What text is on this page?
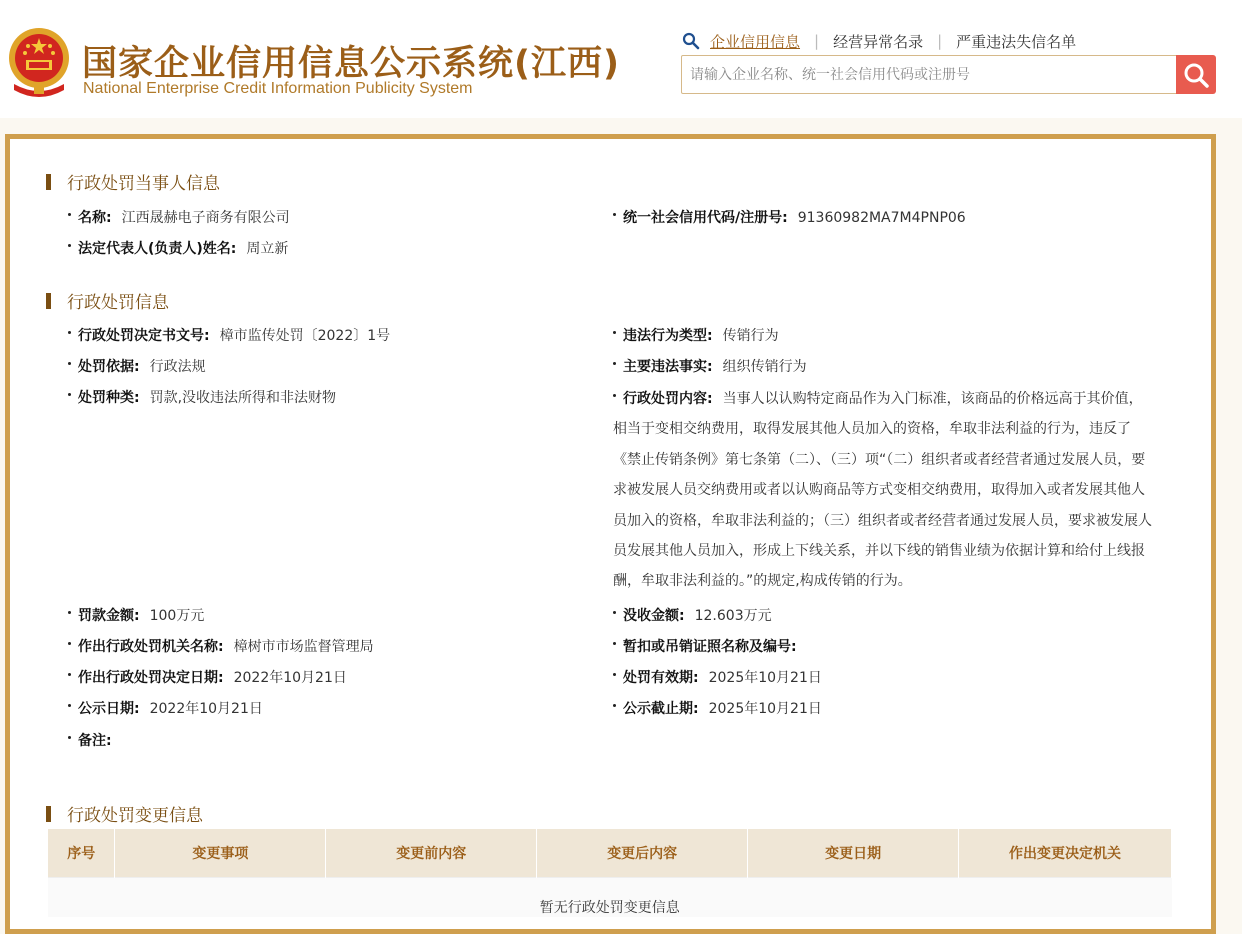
国家企业信用信息公示系统(江西)
National Enterprise Credit Information Publicity System
企业信用信息 | 经营异常名录 | 严重违法失信名单
请输入企业名称、统一社会信用代码或注册号
行政处罚当事人信息
名称: 江西晟赫电子商务有限公司	统一社会信用代码/注册号: 91360982MA7M4PNP06
法定代表人(负责人)姓名: 周立新
行政处罚信息
行政处罚决定书文号: 樟市监传处罚〔2022〕1号	违法行为类型: 传销行为
处罚依据: 行政法规	主要违法事实: 组织传销行为
处罚种类: 罚款,没收违法所得和非法财物	行政处罚内容: 当事人以认购特定商品作为入门标准，该商品的价格远高于其价值，相当于变相交纳费用，取得发展其他人员加入的资格，牟取非法利益的行为，违反了《禁止传销条例》第七条第（二）、（三）项“（二）组织者或者经营者通过发展人员，要求被发展人员交纳费用或者以认购商品等方式变相交纳费用，取得加入或者发展其他人员加入的资格，牟取非法利益的；（三）组织者或者经营者通过发展人员，要求被发展人员发展其他人员加入，形成上下线关系，并以下线的销售业绩为依据计算和给付上线报酬，牟取非法利益的。”的规定,构成传销的行为。
罚款金额: 100万元	没收金额: 12.603万元
作出行政处罚机关名称: 樟树市市场监督管理局	暂扣或吊销证照名称及编号:
作出行政处罚决定日期: 2022年10月21日	处罚有效期: 2025年10月21日
公示日期: 2022年10月21日	公示截止期: 2025年10月21日
备注:
行政处罚变更信息
序号	变更事项	变更前内容	变更后内容	变更日期	作出变更决定机关
暂无行政处罚变更信息
